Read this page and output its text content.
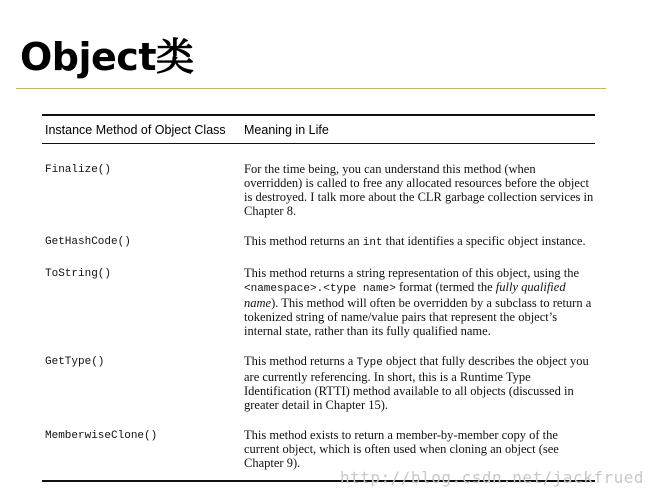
Object类
Instance Method of Object Class	Meaning in Life
Finalize()	For the time being, you can understand this method (when overridden) is called to free any allocated resources before the object is destroyed. I talk more about the CLR garbage collection services in Chapter 8.
GetHashCode()	This method returns an int that identifies a specific object instance.
ToString()	This method returns a string representation of this object, using the <namespace>.<type name> format (termed the fully qualified name). This method will often be overridden by a subclass to return a tokenized string of name/value pairs that represent the object’s internal state, rather than its fully qualified name.
GetType()	This method returns a Type object that fully describes the object you are currently referencing. In short, this is a Runtime Type Identification (RTTI) method available to all objects (discussed in greater detail in Chapter 15).
MemberwiseClone()	This method exists to return a member-by-member copy of the current object, which is often used when cloning an object (see Chapter 9).
http://blog.csdn.net/jackfrued
